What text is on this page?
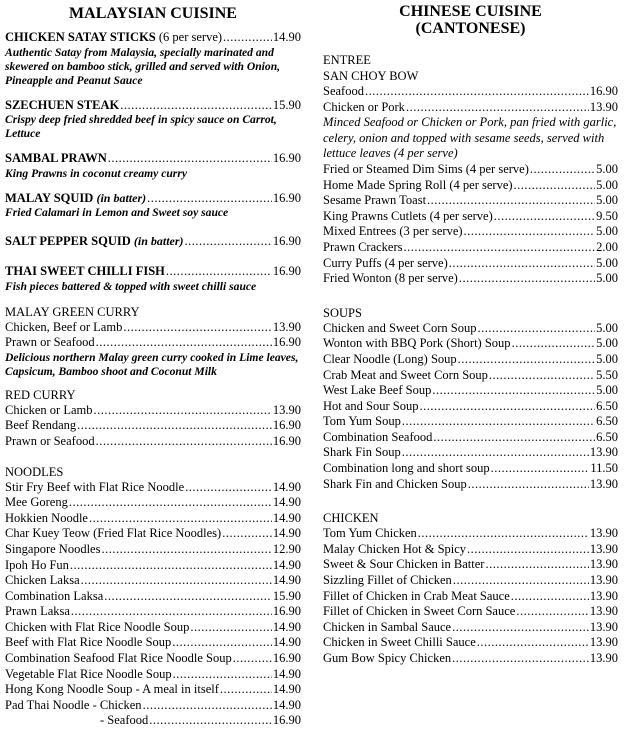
MALAYSIAN CUISINE
CHICKEN SATAY STICKS (6 per serve) .....	14.90
Authentic Satay from Malaysia, specially marinated and skewered on bamboo stick, grilled and served with Onion, Pineapple and Peanut Sauce
SZECHUEN STEAK .....	15.90
Crispy deep fried shredded beef in spicy sauce on Carrot, Lettuce
SAMBAL PRAWN .....	16.90
King Prawns in coconut creamy curry
MALAY SQUID (in batter) .....	16.90
Fried Calamari in Lemon and Sweet soy sauce
SALT PEPPER SQUID (in batter) .....	16.90
THAI SWEET CHILLI FISH .....	16.90
Fish pieces battered & topped with sweet chilli sauce
MALAY GREEN CURRY
Chicken, Beef or Lamb .....	13.90
Prawn or Seafood .....	16.90
Delicious northern Malay green curry cooked in Lime leaves, Capsicum, Bamboo shoot and Coconut Milk
RED CURRY
Chicken or Lamb .....	13.90
Beef Rendang .....	16.90
Prawn or Seafood .....	16.90
NOODLES
Stir Fry Beef with Flat Rice Noodle .....	14.90
Mee Goreng .....	14.90
Hokkien Noodle .....	14.90
Char Kuey Teow (Fried Flat Rice Noodles) .....	14.90
Singapore Noodles .....	12.90
Ipoh Ho Fun .....	14.90
Chicken Laksa .....	14.90
Combination Laksa .....	15.90
Prawn Laksa .....	16.90
Chicken with Flat Rice Noodle Soup .....	14.90
Beef with Flat Rice Noodle Soup .....	14.90
Combination Seafood Flat Rice Noodle Soup .....	16.90
Vegetable Flat Rice Noodle Soup .....	14.90
Hong Kong Noodle Soup - A meal in itself .....	14.90
Pad Thai Noodle - Chicken .....	14.90
- Seafood .....	16.90
CHINESE CUISINE
(CANTONESE)
ENTREE
SAN CHOY BOW
Seafood .....	16.90
Chicken or Pork .....	13.90
Minced Seafood or Chicken or Pork, pan fried with garlic, celery, onion and topped with sesame seeds, served with lettuce leaves (4 per serve)
Fried or Steamed Dim Sims (4 per serve) .....	5.00
Home Made Spring Roll (4 per serve) .....	5.00
Sesame Prawn Toast .....	5.00
King Prawns Cutlets (4 per serve) .....	9.50
Mixed Entrees (3 per serve) .....	5.00
Prawn Crackers .....	2.00
Curry Puffs (4 per serve) .....	5.00
Fried Wonton (8 per serve) .....	5.00
SOUPS
Chicken and Sweet Corn Soup .....	5.00
Wonton with BBQ Pork (Short) Soup .....	5.00
Clear Noodle (Long) Soup .....	5.00
Crab Meat and Sweet Corn Soup .....	5.50
West Lake Beef Soup .....	5.00
Hot and Sour Soup .....	6.50
Tom Yum Soup .....	6.50
Combination Seafood .....	6.50
Shark Fin Soup .....	13.90
Combination long and short soup .....	11.50
Shark Fin and Chicken Soup .....	13.90
CHICKEN
Tom Yum Chicken .....	13.90
Malay Chicken Hot & Spicy .....	13.90
Sweet & Sour Chicken in Batter .....	13.90
Sizzling Fillet of Chicken .....	13.90
Fillet of Chicken in Crab Meat Sauce .....	13.90
Fillet of Chicken in Sweet Corn Sauce .....	13.90
Chicken in Sambal Sauce .....	13.90
Chicken in Sweet Chilli Sauce .....	13.90
Gum Bow Spicy Chicken .....	13.90
